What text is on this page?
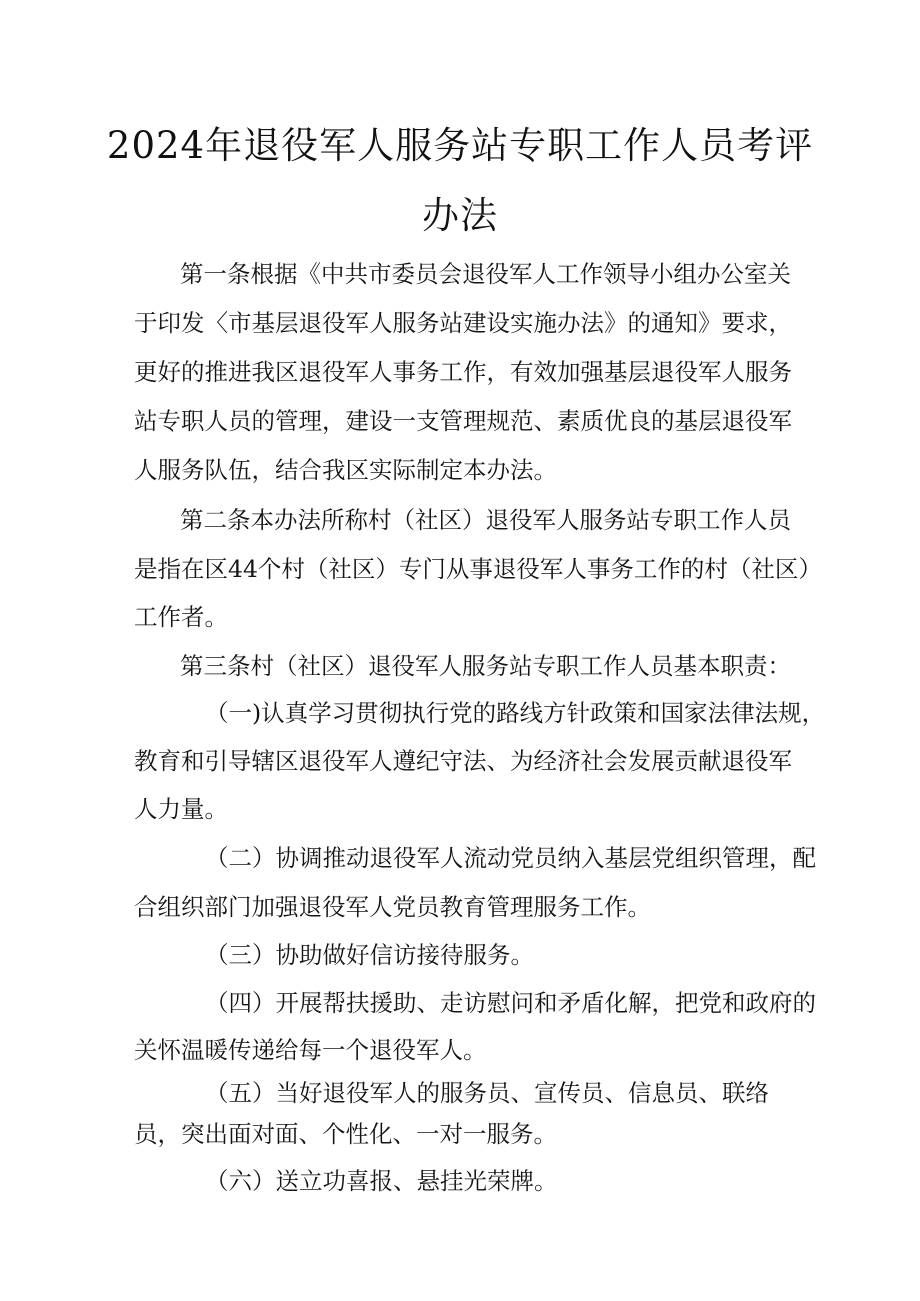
2024年退役军人服务站专职工作人员考评
办法
第一条根据《中共市委员会退役军人工作领导小组办公室关
于印发〈市基层退役军人服务站建设实施办法》的通知》要求，
更好的推进我区退役军人事务工作，有效加强基层退役军人服务
站专职人员的管理，建设一支管理规范、素质优良的基层退役军
人服务队伍，结合我区实际制定本办法。
第二条本办法所称村（社区）退役军人服务站专职工作人员
是指在区44个村（社区）专门从事退役军人事务工作的村（社区）
工作者。
第三条村（社区）退役军人服务站专职工作人员基本职责：
（一)认真学习贯彻执行党的路线方针政策和国家法律法规，
教育和引导辖区退役军人遵纪守法、为经济社会发展贡献退役军
人力量。
（二）协调推动退役军人流动党员纳入基层党组织管理，配
合组织部门加强退役军人党员教育管理服务工作。
（三）协助做好信访接待服务。
（四）开展帮扶援助、走访慰问和矛盾化解，把党和政府的
关怀温暖传递给每一个退役军人。
（五）当好退役军人的服务员、宣传员、信息员、联络
员，突出面对面、个性化、一对一服务。
（六）送立功喜报、悬挂光荣牌。
